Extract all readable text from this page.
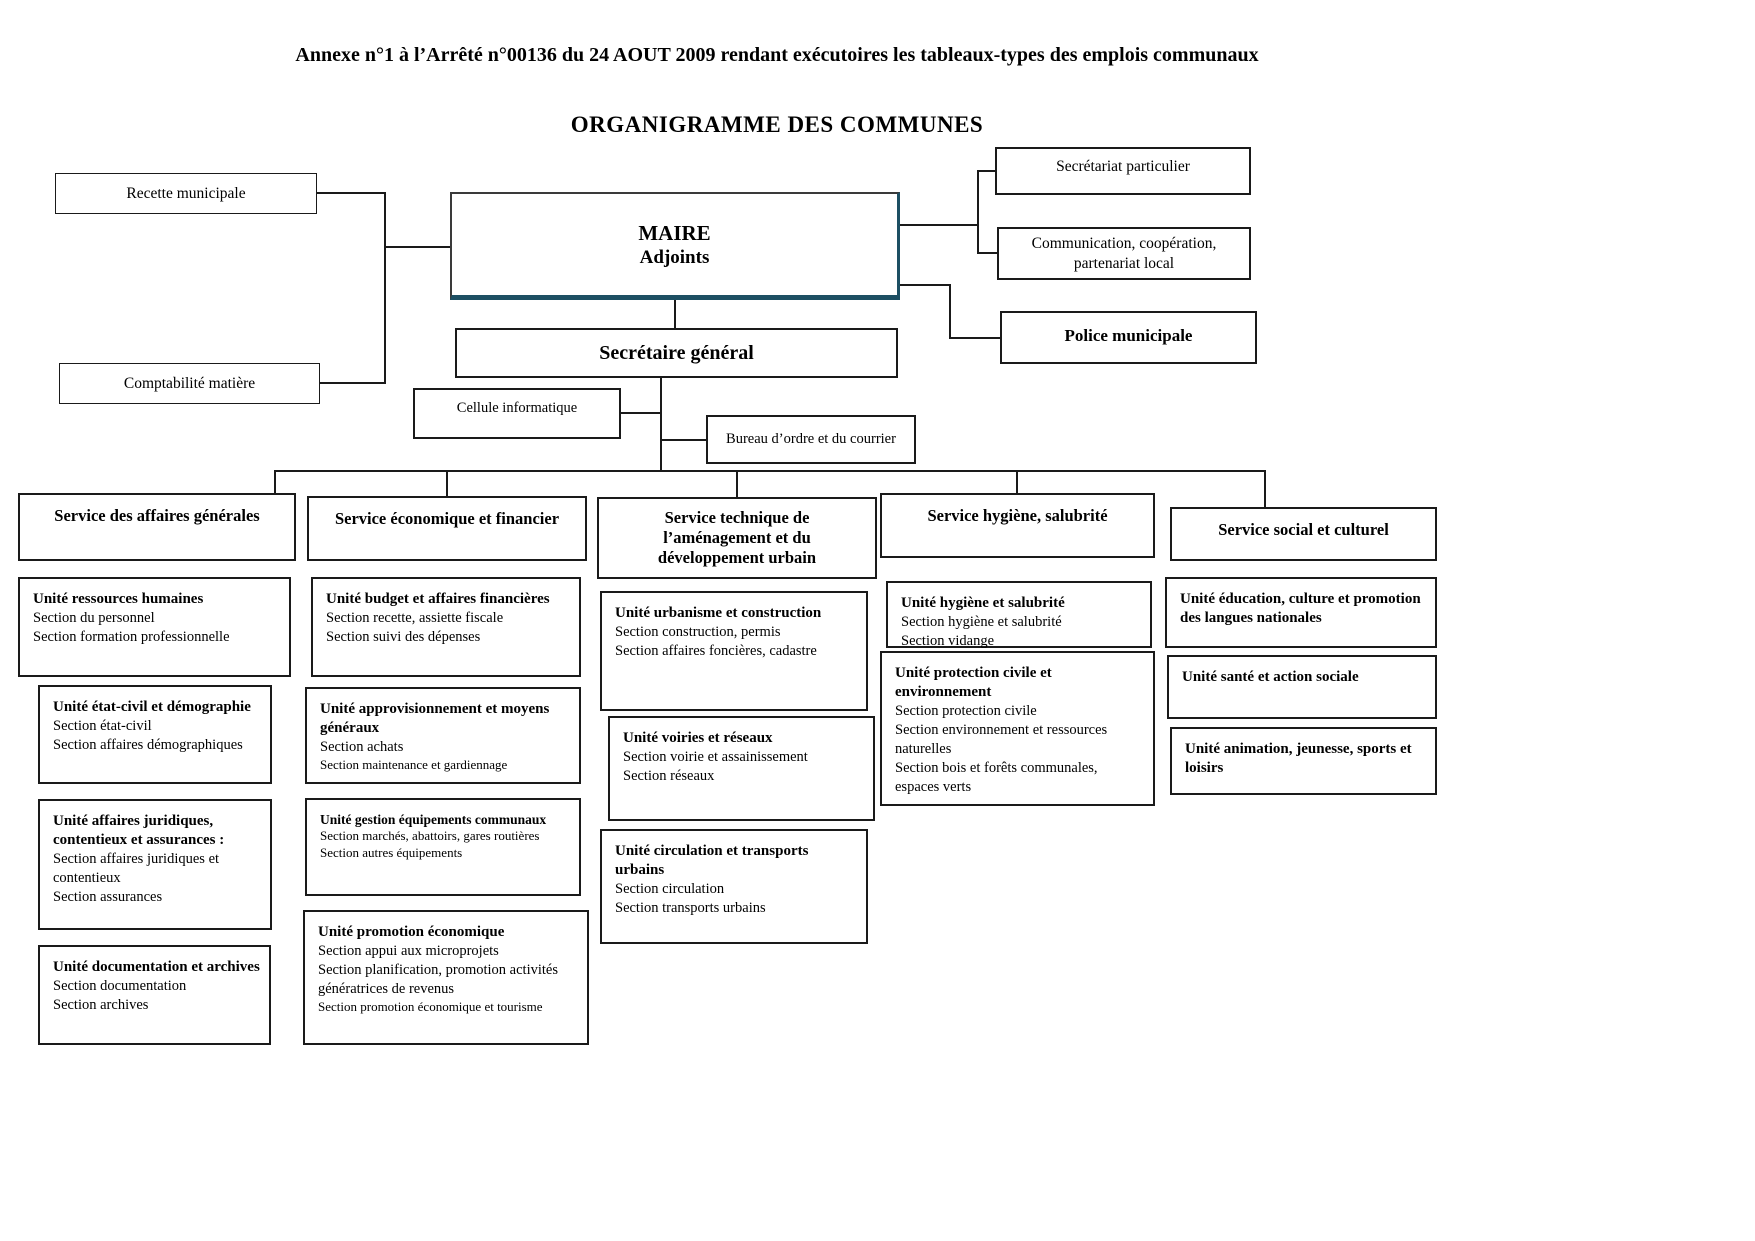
Annexe n°1 à l’Arrêté n°00136 du 24 AOUT 2009 rendant exécutoires les tableaux-types des emplois communaux
ORGANIGRAMME DES COMMUNES
Recette municipale
MAIRE
Adjoints
Secrétariat particulier
Communication, coopération, partenariat local
Police municipale
Comptabilité matière
Secrétaire général
Cellule informatique
Bureau d’ordre et du courrier
Service des affaires générales	Service économique et financier	Service technique de l’aménagement et du développement urbain
Service hygiène, salubrité
Service social et culturel
Unité ressources humaines
Section du personnel
Section formation professionnelle
Unité état-civil et démographie
Section état-civil
Section affaires démographiques
Unité affaires juridiques, contentieux et assurances :
Section affaires juridiques et contentieux
Section assurances
Unité documentation et archives
Section documentation
Section archives
Unité budget et affaires financières
Section recette, assiette fiscale
Section suivi des dépenses
Unité approvisionnement et moyens généraux
Section achats
Section maintenance et gardiennage
Unité gestion équipements communaux
Section marchés, abattoirs, gares routières
Section autres équipements
Unité promotion économique
Section appui aux microprojets
Section planification, promotion activités génératrices de revenus
Section promotion économique et tourisme
Unité urbanisme et construction
Section construction, permis
Section affaires foncières, cadastre
Unité voiries et réseaux
Section voirie et assainissement
Section réseaux
Unité circulation et transports urbains
Section circulation
Section transports urbains
Unité hygiène et salubrité
Section hygiène et salubrité
Section vidange
Unité protection civile et environnement
Section protection civile
Section environnement et ressources naturelles
Section bois et forêts communales, espaces verts
Unité éducation, culture et promotion des langues nationales
Unité santé et action sociale
Unité animation, jeunesse, sports et loisirs
